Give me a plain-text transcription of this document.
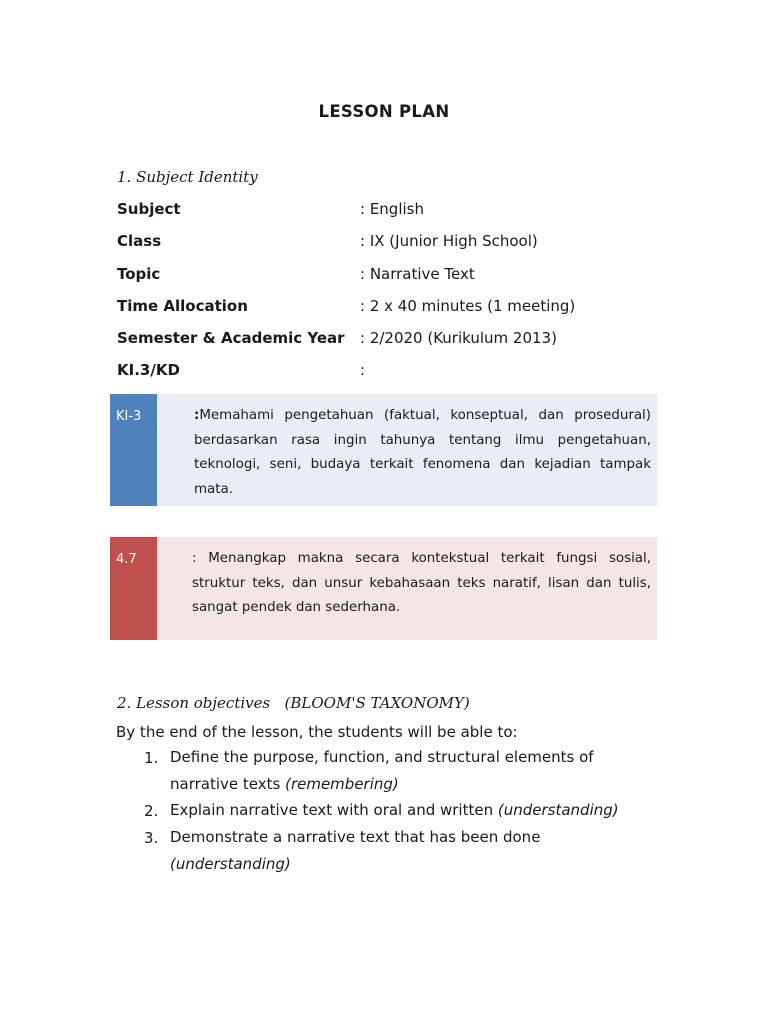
LESSON PLAN
1. Subject Identity
Subject	: English
Class	: IX (Junior High School)
Topic	: Narrative Text
Time Allocation	: 2 x 40 minutes (1 meeting)
Semester & Academic Year : 2/2020 (Kurikulum 2013)
KI.3/KD	:
KI-3	:Memahami pengetahuan (faktual, konseptual, dan prosedural) berdasarkan rasa ingin tahunya tentang ilmu pengetahuan, teknologi, seni, budaya terkait fenomena dan kejadian tampak mata.
4.7	: Menangkap makna secara kontekstual terkait fungsi sosial, struktur teks, dan unsur kebahasaan teks naratif, lisan dan tulis, sangat pendek dan sederhana.
2. Lesson objectives (BLOOM'S TAXONOMY)
By the end of the lesson, the students will be able to:
1. Define the purpose, function, and structural elements of narrative texts (remembering)
2. Explain narrative text with oral and written (understanding)
3. Demonstrate a narrative text that has been done (understanding)
